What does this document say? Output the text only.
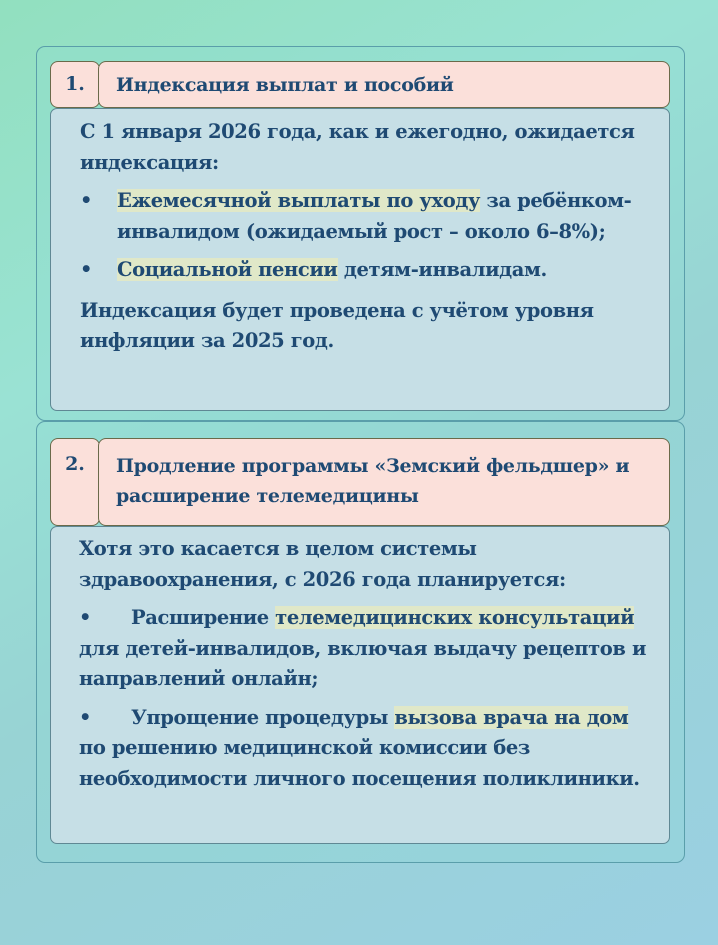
1.	Индексация выплат и пособий

С 1 января 2026 года, как и ежегодно, ожидается индексация:

•	Ежемесячной выплаты по уходу за ребёнком-инвалидом (ожидаемый рост – около 6–8%);
•	Социальной пенсии детям-инвалидам.

Индексация будет проведена с учётом уровня инфляции за 2025 год.

2.	Продление программы «Земский фельдшер» и расширение телемедицины

Хотя это касается в целом системы здравоохранения, с 2026 года планируется:

• Расширение телемедицинских консультаций для детей-инвалидов, включая выдачу рецептов и направлений онлайн;

• Упрощение процедуры вызова врача на дом по решению медицинской комиссии без необходимости личного посещения поликлиники.
